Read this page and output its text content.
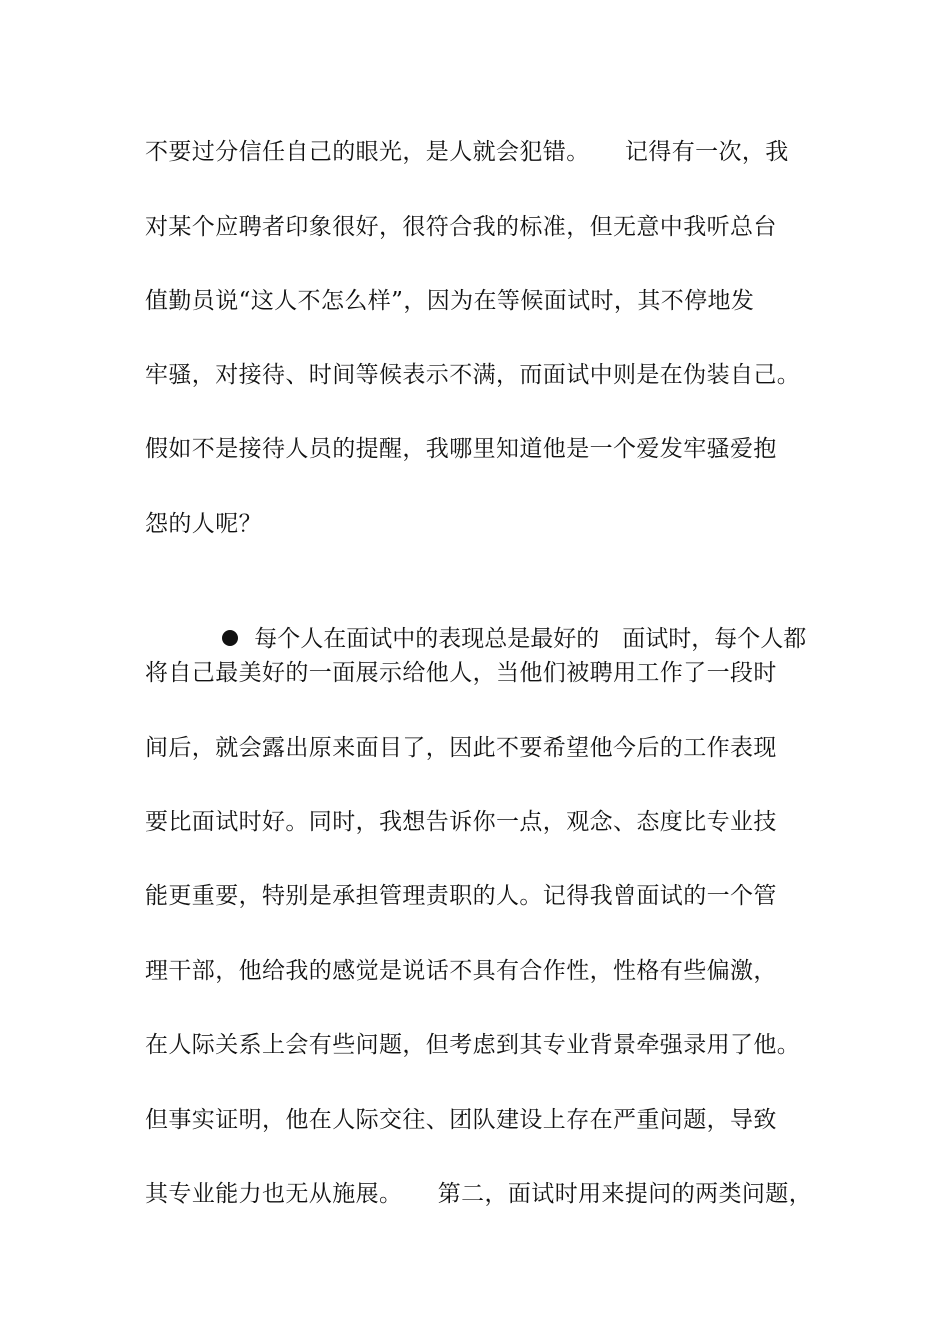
不要过分信任自己的眼光，是人就会犯错。　　记得有一次，我
对某个应聘者印象很好，很符合我的标准，但无意中我听总台
值勤员说“这人不怎么样”，因为在等候面试时，其不停地发
牢骚，对接待、时间等候表示不满，而面试中则是在伪装自己。
假如不是接待人员的提醒，我哪里知道他是一个爱发牢骚爱抱
怨的人呢？

每个人在面试中的表现总是最好的　面试时，每个人都

将自己最美好的一面展示给他人，当他们被聘用工作了一段时
间后，就会露出原来面目了，因此不要希望他今后的工作表现
要比面试时好。同时，我想告诉你一点，观念、态度比专业技
能更重要，特别是承担管理责职的人。记得我曾面试的一个管
理干部，他给我的感觉是说话不具有合作性，性格有些偏激，
在人际关系上会有些问题，但考虑到其专业背景牵强录用了他。
但事实证明，他在人际交往、团队建设上存在严重问题，导致
其专业能力也无从施展。　　第二，面试时用来提问的两类问题，
